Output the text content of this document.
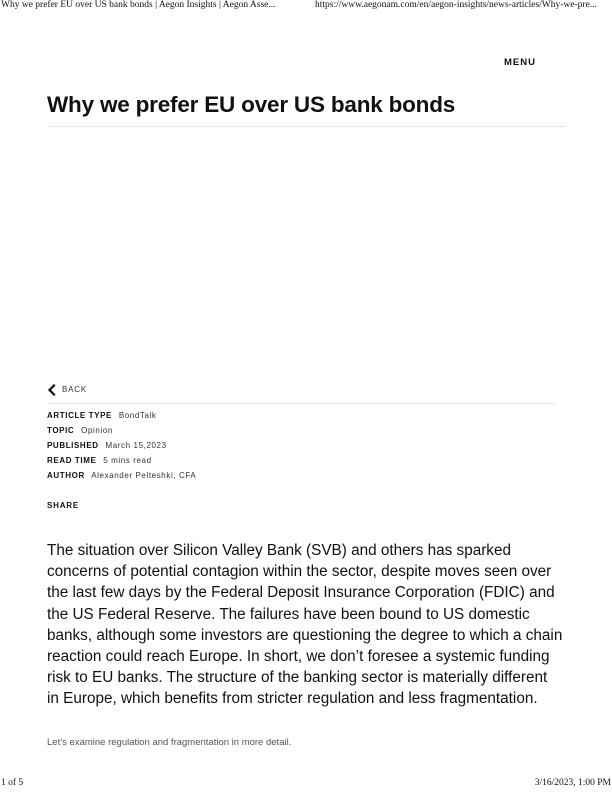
Why we prefer EU over US bank bonds | Aegon Insights | Aegon Asse...	https://www.aegonam.com/en/aegon-insights/news-articles/Why-we-pre...
MENU
Why we prefer EU over US bank bonds
BACK
ARTICLE TYPE BondTalk
TOPIC Opinion
PUBLISHED March 15,2023
READ TIME 5 mins read
AUTHOR Alexander Pelteshki, CFA
SHARE

The situation over Silicon Valley Bank (SVB) and others has sparked
concerns of potential contagion within the sector, despite moves seen over
the last few days by the Federal Deposit Insurance Corporation (FDIC) and
the US Federal Reserve. The failures have been bound to US domestic
banks, although some investors are questioning the degree to which a chain
reaction could reach Europe. In short, we don’t foresee a systemic funding
risk to EU banks. The structure of the banking sector is materially different
in Europe, which benefits from stricter regulation and less fragmentation.

Let’s examine regulation and fragmentation in more detail.

1 of 5	3/16/2023, 1:00 PM
